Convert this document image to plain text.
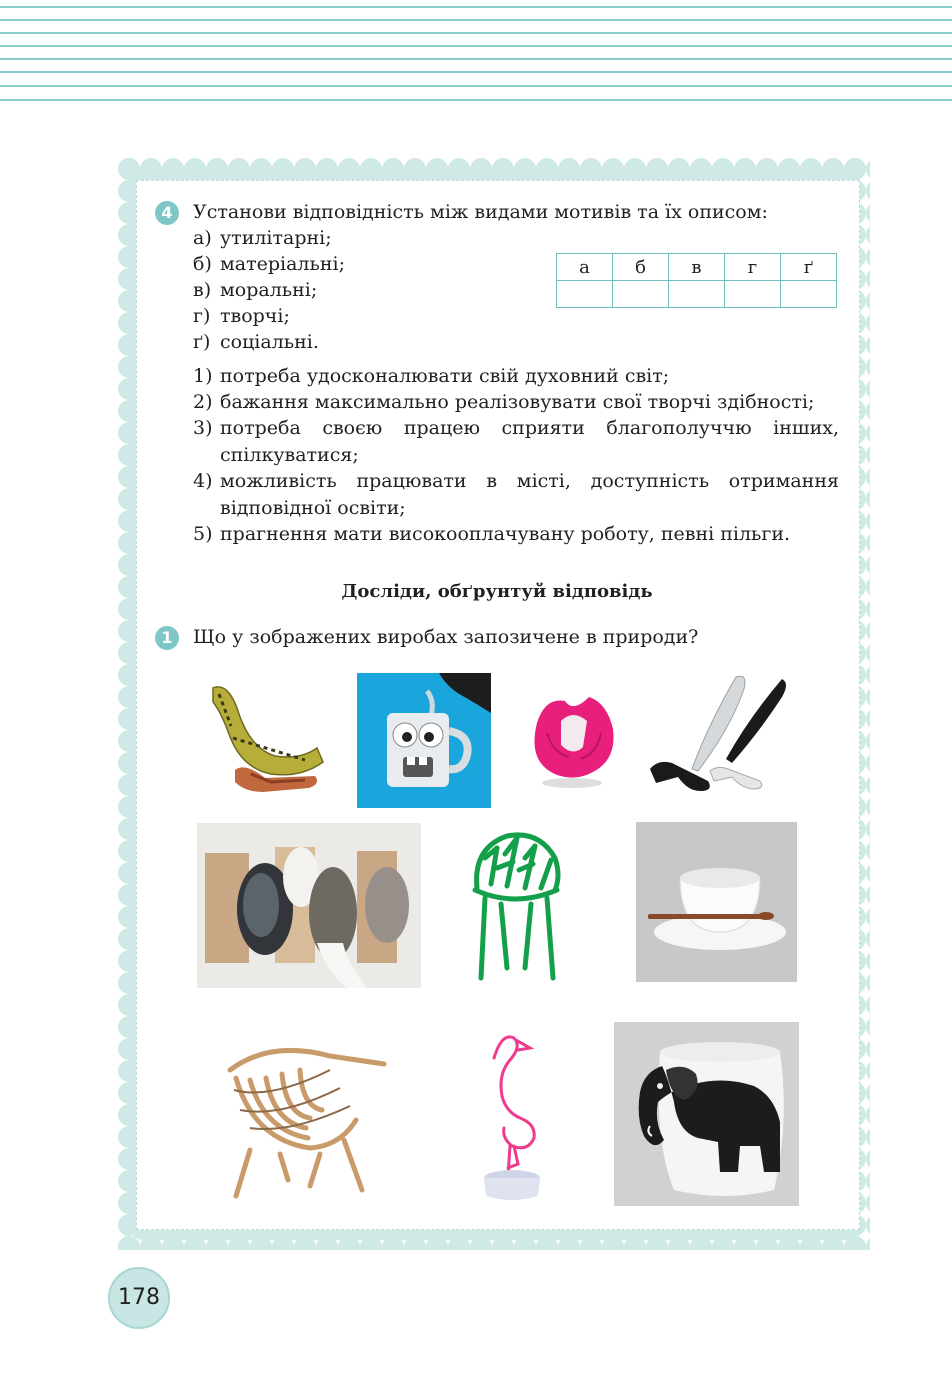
4	Установи відповідність між видами мотивів та їх описом:
а) утилітарні;
б) матеріальні;
в) моральні;
г) творчі;
ґ) соціальні.
а	б	в	г	ґ

1) потреба удосконалювати свій духовний світ;
2) бажання максимально реалізовувати свої творчі здібності;
3) потреба своєю працею сприяти благополуччю інших, спілкуватися;
4) можливість працювати в місті, доступність отримання відповідної освіти;
5) прагнення мати високооплачувану роботу, певні пільги.
Досліди, обґрунтуй відповідь
1	Що у зображених виробах запозичене в природи?
178
